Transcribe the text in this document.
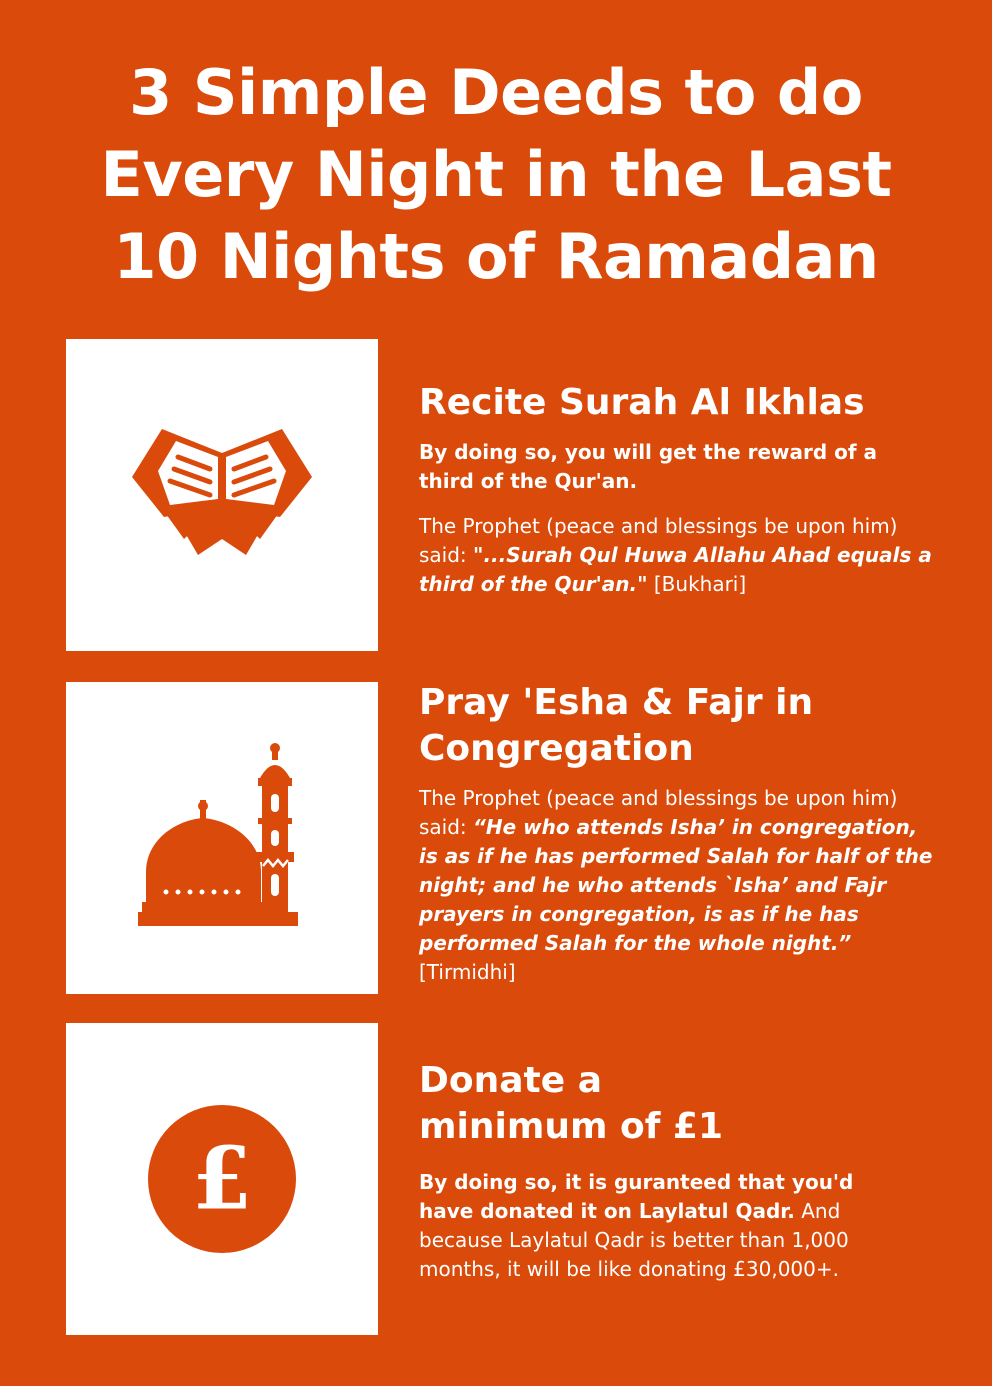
3 Simple Deeds to do
Every Night in the Last
10 Nights of Ramadan

Recite Surah Al Ikhlas

By doing so, you will get the reward of a third of the Qur'an.

The Prophet (peace and blessings be upon him) said: "...Surah Qul Huwa Allahu Ahad equals a third of the Qur'an." [Bukhari]

Pray 'Esha & Fajr in
Congregation

The Prophet (peace and blessings be upon him) said: “He who attends Isha’ in congregation, is as if he has performed Salah for half of the night; and he who attends `Isha’ and Fajr prayers in congregation, is as if he has performed Salah for the whole night.” [Tirmidhi]

£

Donate a
minimum of £1

By doing so, it is guranteed that you'd have donated it on Laylatul Qadr. And because Laylatul Qadr is better than 1,000 months, it will be like donating £30,000+.
